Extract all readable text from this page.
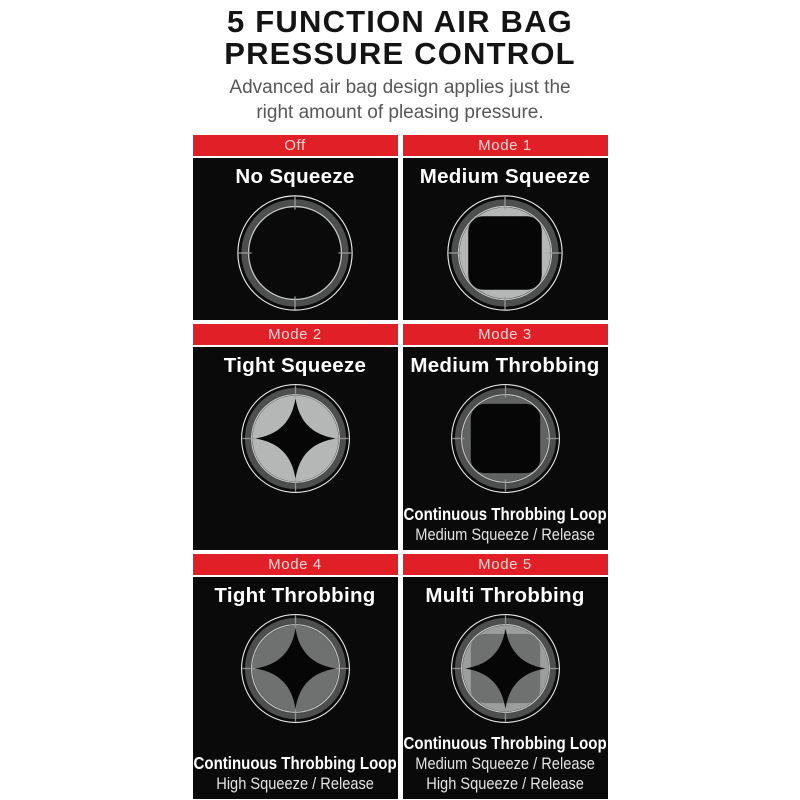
5 FUNCTION AIR BAG
PRESSURE CONTROL

Advanced air bag design applies just the
right amount of pleasing pressure.

Off
No Squeeze
Mode 1
Medium Squeeze
Mode 2
Tight Squeeze
Mode 3
Medium Throbbing
Continuous Throbbing Loop
Medium Squeeze / Release
Mode 4
Tight Throbbing
Continuous Throbbing Loop
High Squeeze / Release
Mode 5
Multi Throbbing
Continuous Throbbing Loop
Medium Squeeze / Release
High Squeeze / Release
